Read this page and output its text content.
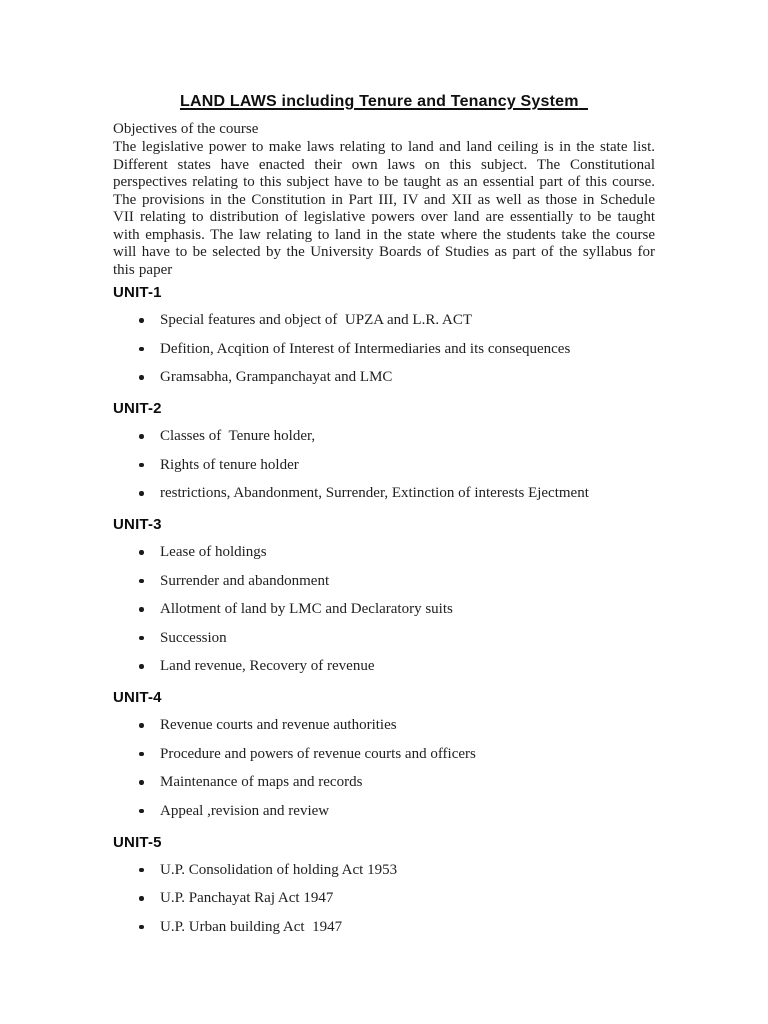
LAND LAWS including Tenure and Tenancy System

Objectives of the course

The legislative power to make laws relating to land and land ceiling is in the state list. Different states have enacted their own laws on this subject. The Constitutional perspectives relating to this subject have to be taught as an essential part of this course. The provisions in the Constitution in Part III, IV and XII as well as those in Schedule VII relating to distribution of legislative powers over land are essentially to be taught with emphasis. The law relating to land in the state where the students take the course will have to be selected by the University Boards of Studies as part of the syllabus for this paper

UNIT-1
Special features and object of  UPZA and L.R. ACT
Defition, Acqition of Interest of Intermediaries and its consequences
Gramsabha, Grampanchayat and LMC
UNIT-2
Classes of  Tenure holder,
Rights of tenure holder
restrictions, Abandonment, Surrender, Extinction of interests Ejectment
UNIT-3
Lease of holdings
Surrender and abandonment
Allotment of land by LMC and Declaratory suits
Succession
Land revenue, Recovery of revenue
UNIT-4
Revenue courts and revenue authorities
Procedure and powers of revenue courts and officers
Maintenance of maps and records
Appeal ,revision and review
UNIT-5
U.P. Consolidation of holding Act 1953
U.P. Panchayat Raj Act 1947
U.P. Urban building Act  1947
